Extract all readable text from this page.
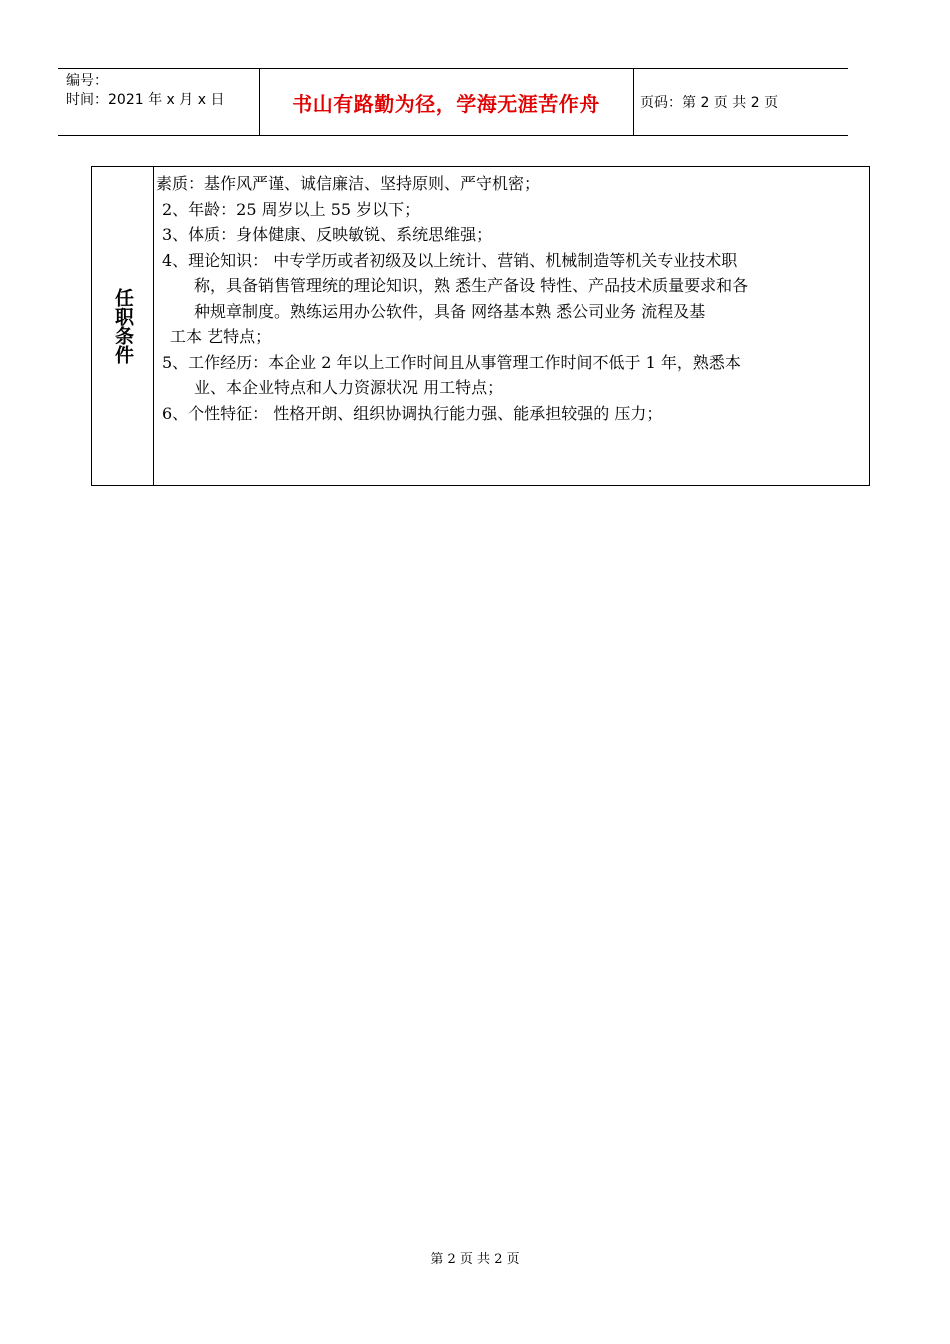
编号：
时间：2021 年 x 月 x 日	书山有路勤为径，学海无涯苦作舟	页码：第 2 页 共 2 页
任职条件

素质：基作风严谨、诚信廉洁、坚持原则、严守机密；

2、年龄：25 周岁以上 55 岁以下；

3、体质：身体健康、反映敏锐、系统思维强；

4、理论知识： 中专学历或者初级及以上统计、营销、机械制造等机关专业技术职

称，具备销售管理统的理论知识，熟 悉生产备设 特性、产品技术质量要求和各

种规章制度。熟练运用办公软件，具备 网络基本熟 悉公司业务 流程及基

工本 艺特点；

5、工作经历：本企业 2 年以上工作时间且从事管理工作时间不低于 1 年，熟悉本

业、本企业特点和人力资源状况 用工特点；

6、个性特征： 性格开朗、组织协调执行能力强、能承担较强的 压力；

第 2 页 共 2 页
